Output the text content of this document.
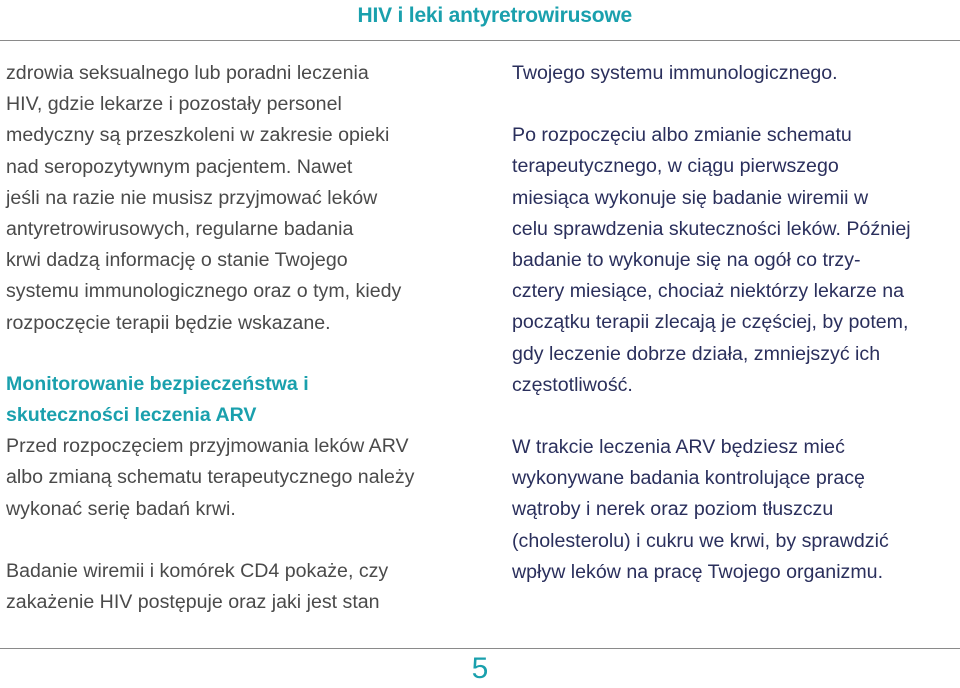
HIV i leki antyretrowirusowe
zdrowia seksualnego lub poradni leczenia
HIV, gdzie lekarze i pozostały personel
medyczny są przeszkoleni w zakresie opieki
nad seropozytywnym pacjentem. Nawet
jeśli na razie nie musisz przyjmować leków
antyretrowirusowych, regularne badania
krwi dadzą informację o stanie Twojego
systemu immunologicznego oraz o tym, kiedy
rozpoczęcie terapii będzie wskazane.
Monitorowanie bezpieczeństwa i
skuteczności leczenia ARV
Przed rozpoczęciem przyjmowania leków ARV
albo zmianą schematu terapeutycznego należy
wykonać serię badań krwi.
Badanie wiremii i komórek CD4 pokaże, czy
zakażenie HIV postępuje oraz jaki jest stan
Twojego systemu immunologicznego.
Po rozpoczęciu albo zmianie schematu
terapeutycznego, w ciągu pierwszego
miesiąca wykonuje się badanie wiremii w
celu sprawdzenia skuteczności leków. Później
badanie to wykonuje się na ogół co trzy-
cztery miesiące, chociaż niektórzy lekarze na
początku terapii zlecają je częściej, by potem,
gdy leczenie dobrze działa, zmniejszyć ich
częstotliwość.
W trakcie leczenia ARV będziesz mieć
wykonywane badania kontrolujące pracę
wątroby i nerek oraz poziom tłuszczu
(cholesterolu) i cukru we krwi, by sprawdzić
wpływ leków na pracę Twojego organizmu.
5
